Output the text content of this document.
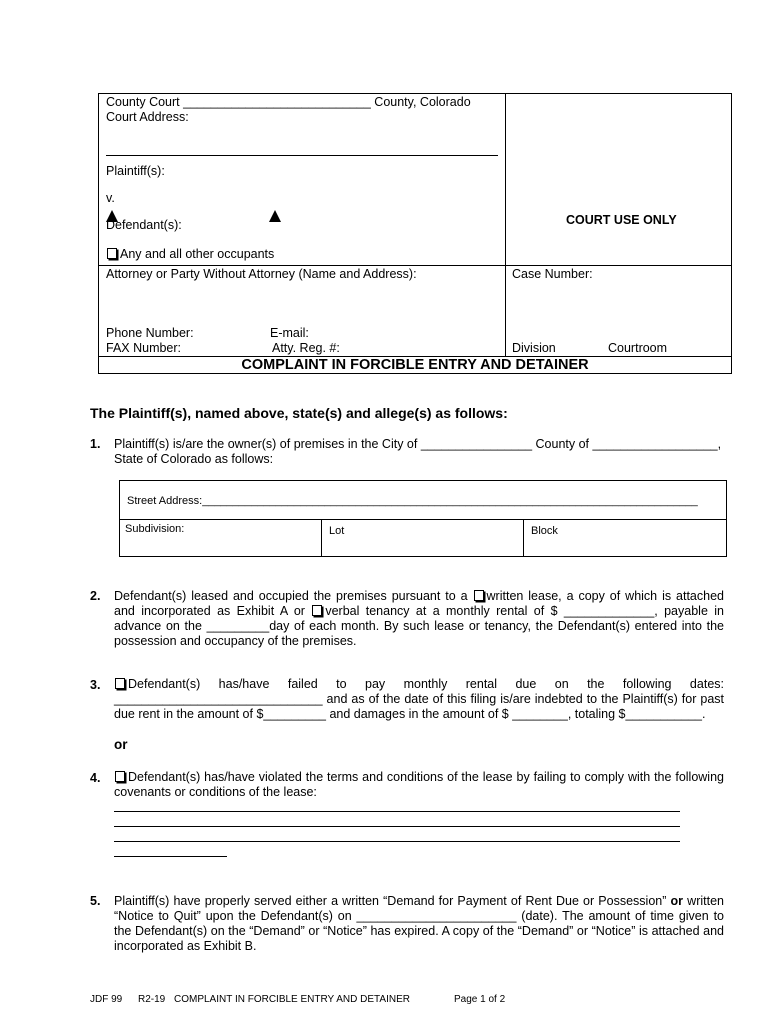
County Court ___________________________ County, Colorado
Court Address:
Plaintiff(s):
v.
Defendant(s):
Any and all other occupants
COURT USE ONLY
Attorney or Party Without Attorney (Name and Address):
Phone Number:	E-mail:
FAX Number:	Atty. Reg. #:
Case Number:
Division	Courtroom
COMPLAINT IN FORCIBLE ENTRY AND DETAINER
The Plaintiff(s), named above, state(s) and allege(s) as follows:
1. Plaintiff(s) is/are the owner(s) of premises in the City of ________________ County of __________________,
State of Colorado as follows:
Street Address:_________________________________________________________________________________
Subdivision:	Lot	Block
2. Defendant(s) leased and occupied the premises pursuant to a written lease, a copy of which is attached and incorporated as Exhibit A or verbal tenancy at a monthly rental of $ _____________, payable in advance on the _________day of each month. By such lease or tenancy, the Defendant(s) entered into the possession and occupancy of the premises.
3.	Defendant(s) has/have failed to pay monthly rental due on the following dates: ______________________________ and as of the date of this filing is/are indebted to the Plaintiff(s) for past due rent in the amount of $_________ and damages in the amount of $ ________, totaling $___________.
or
4.	Defendant(s) has/have violated the terms and conditions of the lease by failing to comply with the following covenants or conditions of the lease:
5. Plaintiff(s) have properly served either a written “Demand for Payment of Rent Due or Possession” or written “Notice to Quit” upon the Defendant(s) on _______________________ (date). The amount of time given to the Defendant(s) on the “Demand” or “Notice” has expired. A copy of the “Demand” or “Notice” is attached and incorporated as Exhibit B.
JDF 99 R2-19 COMPLAINT IN FORCIBLE ENTRY AND DETAINER	Page 1 of 2
